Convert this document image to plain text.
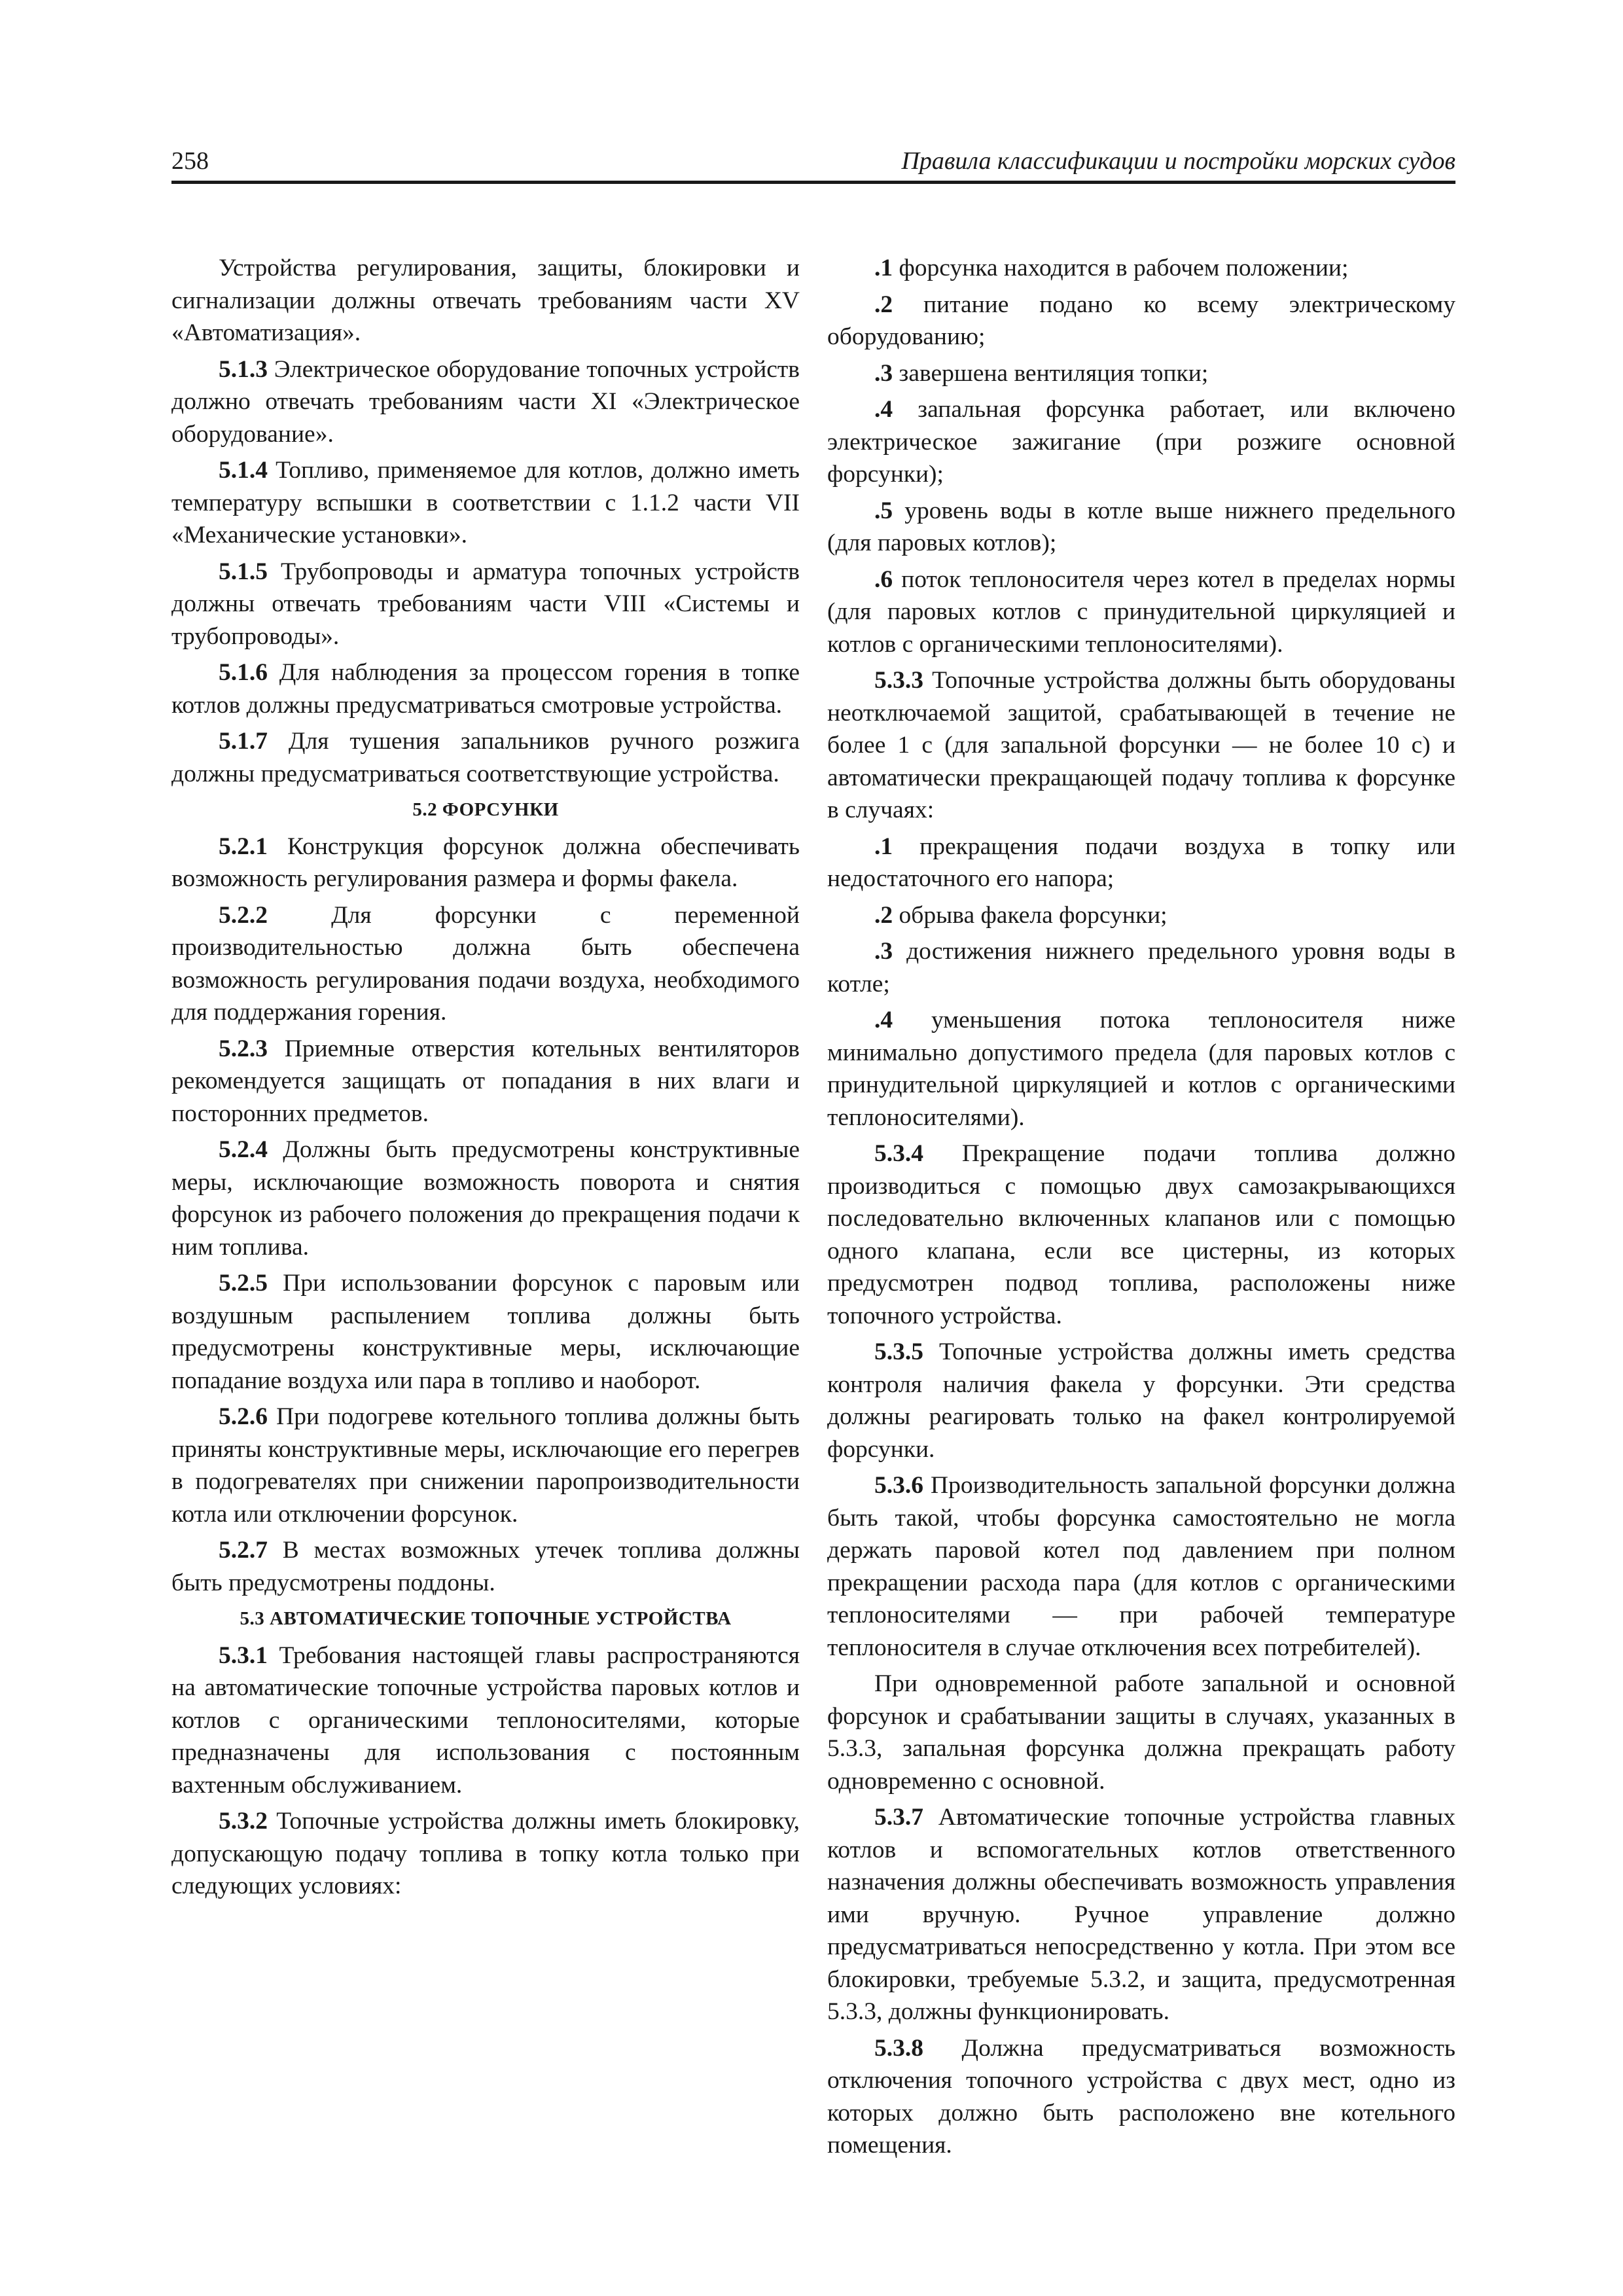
258	Правила классификации и постройки морских судов

Устройства регулирования, защиты, блокировки и сигнализации должны отвечать требованиям части XV «Автоматизация».

5.1.3 Электрическое оборудование топочных устройств должно отвечать требованиям части XI «Электрическое оборудование».

5.1.4 Топливо, применяемое для котлов, должно иметь температуру вспышки в соответствии с 1.1.2 части VII «Механические установки».

5.1.5 Трубопроводы и арматура топочных устройств должны отвечать требованиям части VIII «Системы и трубопроводы».

5.1.6 Для наблюдения за процессом горения в топке котлов должны предусматриваться смотровые устройства.

5.1.7 Для тушения запальников ручного розжига должны предусматриваться соответствующие устройства.

5.2 ФОРСУНКИ

5.2.1 Конструкция форсунок должна обеспечивать возможность регулирования размера и формы факела.

5.2.2 Для форсунки с переменной производительностью должна быть обеспечена возможность регулирования подачи воздуха, необходимого для поддержания горения.

5.2.3 Приемные отверстия котельных вентиляторов рекомендуется защищать от попадания в них влаги и посторонних предметов.

5.2.4 Должны быть предусмотрены конструктивные меры, исключающие возможность поворота и снятия форсунок из рабочего положения до прекращения подачи к ним топлива.

5.2.5 При использовании форсунок с паровым или воздушным распылением топлива должны быть предусмотрены конструктивные меры, исключающие попадание воздуха или пара в топливо и наоборот.

5.2.6 При подогреве котельного топлива должны быть приняты конструктивные меры, исключающие его перегрев в подогревателях при снижении паропроизводительности котла или отключении форсунок.

5.2.7 В местах возможных утечек топлива должны быть предусмотрены поддоны.

5.3 АВТОМАТИЧЕСКИЕ ТОПОЧНЫЕ УСТРОЙСТВА

5.3.1 Требования настоящей главы распространяются на автоматические топочные устройства паровых котлов и котлов с органическими теплоносителями, которые предназначены для использования с постоянным вахтенным обслуживанием.

5.3.2 Топочные устройства должны иметь блокировку, допускающую подачу топлива в топку котла только при следующих условиях:

.1 форсунка находится в рабочем положении;

.2 питание подано ко всему электрическому оборудованию;

.3 завершена вентиляция топки;

.4 запальная форсунка работает, или включено электрическое зажигание (при розжиге основной форсунки);

.5 уровень воды в котле выше нижнего предельного (для паровых котлов);

.6 поток теплоносителя через котел в пределах нормы (для паровых котлов с принудительной циркуляцией и котлов с органическими теплоносителями).

5.3.3 Топочные устройства должны быть оборудованы неотключаемой защитой, срабатывающей в течение не более 1 с (для запальной форсунки — не более 10 с) и автоматически прекращающей подачу топлива к форсунке в случаях:

.1 прекращения подачи воздуха в топку или недостаточного его напора;

.2 обрыва факела форсунки;

.3 достижения нижнего предельного уровня воды в котле;

.4 уменьшения потока теплоносителя ниже минимально допустимого предела (для паровых котлов с принудительной циркуляцией и котлов с органическими теплоносителями).

5.3.4 Прекращение подачи топлива должно производиться с помощью двух самозакрывающихся последовательно включенных клапанов или с помощью одного клапана, если все цистерны, из которых предусмотрен подвод топлива, расположены ниже топочного устройства.

5.3.5 Топочные устройства должны иметь средства контроля наличия факела у форсунки. Эти средства должны реагировать только на факел контролируемой форсунки.

5.3.6 Производительность запальной форсунки должна быть такой, чтобы форсунка самостоятельно не могла держать паровой котел под давлением при полном прекращении расхода пара (для котлов с органическими теплоносителями — при рабочей температуре теплоносителя в случае отключения всех потребителей).

При одновременной работе запальной и основной форсунок и срабатывании защиты в случаях, указанных в 5.3.3, запальная форсунка должна прекращать работу одновременно с основной.

5.3.7 Автоматические топочные устройства главных котлов и вспомогательных котлов ответственного назначения должны обеспечивать возможность управления ими вручную. Ручное управление должно предусматриваться непосредственно у котла. При этом все блокировки, требуемые 5.3.2, и защита, предусмотренная 5.3.3, должны функционировать.

5.3.8 Должна предусматриваться возможность отключения топочного устройства с двух мест, одно из которых должно быть расположено вне котельного помещения.
